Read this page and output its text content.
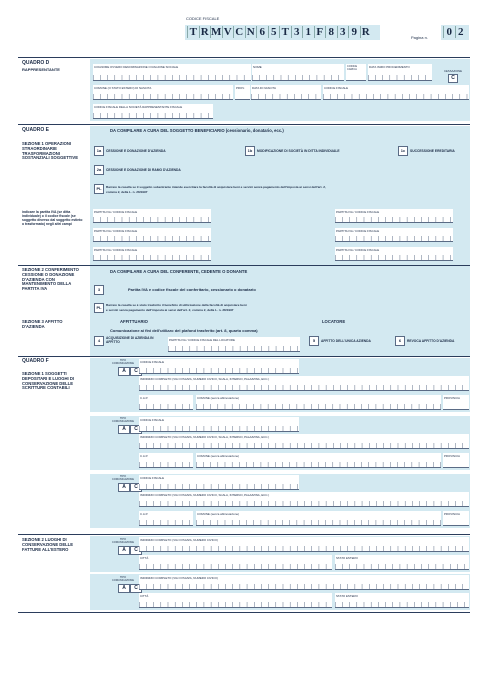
CODICE FISCALE
T R M V C N 6 5 T 3 1 F 8 3 9 R	Pagina n.	0 2
QUADRO D
RAPPRESENTANTE
COGNOME OVVERO DENOMINAZIONE O RAGIONE SOCIALE	NOME	CODICE CARICA
DATA INIZIO PROCEDIMENTO
CESSAZIONE
C
COMUNE (O STATO ESTERO) DI NASCITA	PROV.	DATA DI NASCITA	CODICE FISCALE
CODICE FISCALE DELLA SOCIETÀ RAPPRESENTANTE FISCALE
QUADRO E	DA COMPILARE A CURA DEL SOGGETTO BENEFICIARIO (cessionario, donatario, ecc.)
SEZIONE 1 OPERAZIONI STRAORDINARIE TRASFORMAZIONI SOSTANZIALI SOGGETTIVE
1a	CESSIONE E DONAZIONE D'AZIENDA	1b	MODIFICAZIONE DI SOCIETÀ IN DITTA INDIVIDUALE	1c	SUCCESSIONE EREDITARIA
2a	CESSIONE E DONAZIONE DI RAMO D'AZIENDA
PL	Barrare la casella se il soggetto subentrante intende esercitare la facoltà di acquistare beni e servizi senza pagamento dell'imposta ai sensi dell'art. 2,
comma 2, della L. n. 28/1997
indicare la partita IVA (se ditta individuale) o il codice fiscale (se soggetto diverso dal soggetto estinto o trasformato) negli altri campi
PARTITA IVA / CODICE FISCALE	PARTITA IVA / CODICE FISCALE
PARTITA IVA / CODICE FISCALE	PARTITA IVA / CODICE FISCALE
PARTITA IVA / CODICE FISCALE	PARTITA IVA / CODICE FISCALE
SEZIONE 2 CONFERIMENTO CESSIONE O DONAZIONE D'AZIENDA CON MANTENIMENTO DELLA PARTITA IVA
DA COMPILARE A CURA DEL CONFERENTE, CEDENTE O DONANTE
3	Partita IVA e codice fiscale del conferitario, cessionario o donatario
PL	Barrare la casella se è stato trasferito il beneficio di utilizzazione della facoltà di acquistare beni
e servizi senza pagamento dell'imposta ai sensi dell'art. 2, comma 2, della L. n. 28/1997
SEZIONE 3 AFFITTO D'AZIENDA
AFFITTUARIO	LOCATORE
Comunicazione ai fini dell'utilizzo del plafond trasferito (art. 8, quarto comma)
4	ACQUISIZIONE DI AZIENDA IN AFFITTO
PARTITA IVA / CODICE FISCALE DEL LOCATORE	5	AFFITTO DELL'UNICA AZIENDA	6	REVOCA AFFITTO D'AZIENDA
QUADRO F
SEZIONE 1 SOGGETTI DEPOSITARI E LUOGHI DI CONSERVAZIONE DELLE SCRITTURE CONTABILI
TIPO COMUNICAZIONE
A	C
CODICE FISCALE
INDIRIZZO COMPLETO (VIA O PIAZZA, NUMERO CIVICO, SCALA, INTERNO, PALAZZINA, ECC.)
C.A.P.	COMUNE (senza abbreviazione)	PROVINCIA
TIPO COMUNICAZIONE
A	C
CODICE FISCALE
INDIRIZZO COMPLETO (VIA O PIAZZA, NUMERO CIVICO, SCALA, INTERNO, PALAZZINA, ECC.)
C.A.P.	COMUNE (senza abbreviazione)	PROVINCIA
TIPO COMUNICAZIONE
A	C
CODICE FISCALE
INDIRIZZO COMPLETO (VIA O PIAZZA, NUMERO CIVICO, SCALA, INTERNO, PALAZZINA, ECC.)
C.A.P.	COMUNE (senza abbreviazione)	PROVINCIA
SEZIONE 2 LUOGHI DI CONSERVAZIONE DELLE FATTURE ALL'ESTERO
TIPO COMUNICAZIONE
A	C
INDIRIZZO COMPLETO (VIA O PIAZZA, NUMERO CIVICO)
CITTÀ	STATO ESTERO
TIPO COMUNICAZIONE
A	C
INDIRIZZO COMPLETO (VIA O PIAZZA, NUMERO CIVICO)
CITTÀ	STATO ESTERO
